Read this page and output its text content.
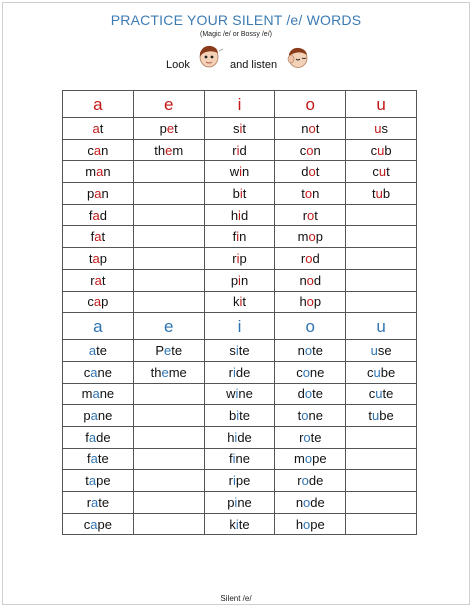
PRACTICE YOUR SILENT /e/ WORDS
(Magic /e/ or Bossy /e/)
Look	and listen
a	e	i	o	u
at	pet	sit	not	us
can	them	rid	con	cub
man		win	dot	cut
pan		bit	ton	tub
fad		hid	rot	
fat		fin	mop	
tap		rip	rod	
rat		pin	nod	
cap		kit	hop	
a	e	i	o	u
ate	Pete	site	note	use
cane	theme	ride	cone	cube
mane		wine	dote	cute
pane		bite	tone	tube
fade		hide	rote	
fate		fine	mope	
tape		ripe	rode	
rate		pine	node	
cape		kite	hope	
Silent /e/
